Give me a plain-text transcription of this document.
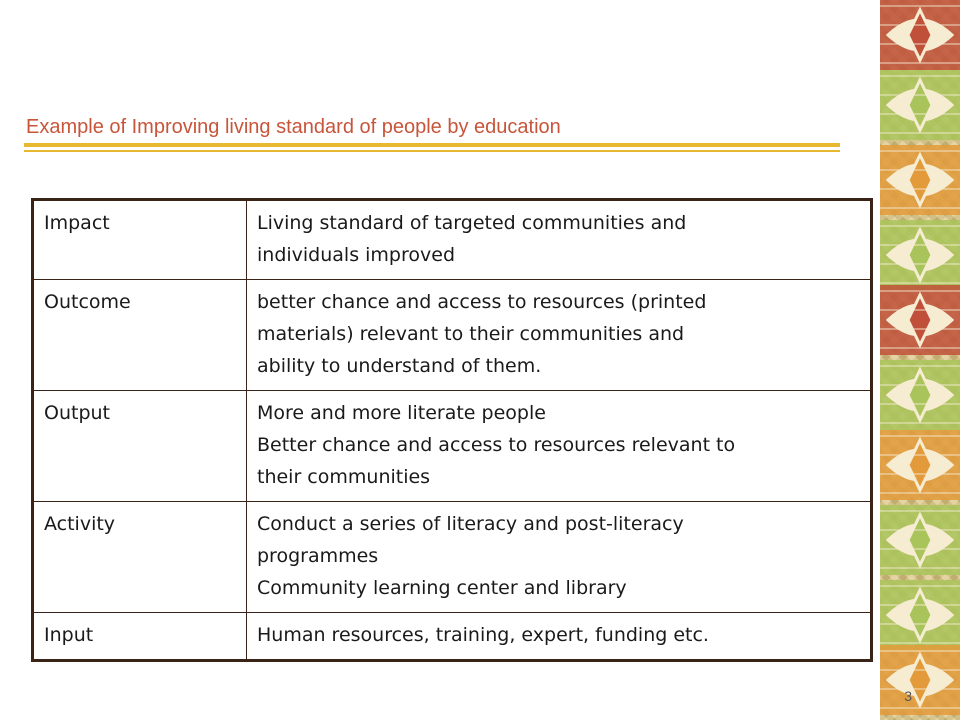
Example of Improving living standard of people by education
Impact	Living standard of targeted communities and
individuals improved

Outcome	better chance and access to resources (printed
materials) relevant to their communities and
ability to understand of them.

Output	More and more literate people
Better chance and access to resources relevant to
their communities

Activity	Conduct a series of literacy and post-literacy
programmes
Community learning center and library

Input	Human resources, training, expert, funding etc.
3
